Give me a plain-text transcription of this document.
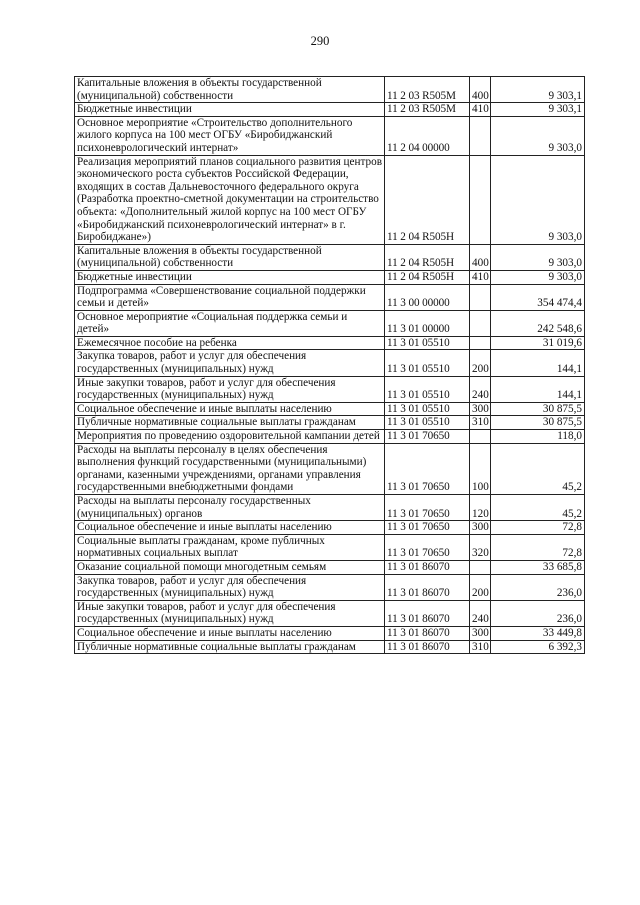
290
Капитальные вложения в объекты государственной (муниципальной) собственности	11 2 03 R505M	400	9 303,1
Бюджетные инвестиции	11 2 03 R505M	410	9 303,1
Основное мероприятие «Строительство дополнительного жилого корпуса на 100 мест ОГБУ «Биробиджанский психоневрологический интернат»	11 2 04 00000		9 303,0
Реализация мероприятий планов социального развития центров экономического роста субъектов Российской Федерации, входящих в состав Дальневосточного федерального округа (Разработка проектно-сметной документации на строительство объекта: «Дополнительный жилой корпус на 100 мест ОГБУ «Биробиджанский психоневрологический интернат» в г. Биробиджане»)	11 2 04 R505H		9 303,0
Капитальные вложения в объекты государственной (муниципальной) собственности	11 2 04 R505H	400	9 303,0
Бюджетные инвестиции	11 2 04 R505H	410	9 303,0
Подпрограмма «Совершенствование социальной поддержки семьи и детей»	11 3 00 00000		354 474,4
Основное мероприятие «Социальная поддержка семьи и детей»	11 3 01 00000		242 548,6
Ежемесячное пособие на ребенка	11 3 01 05510		31 019,6
Закупка товаров, работ и услуг для обеспечения государственных (муниципальных) нужд	11 3 01 05510	200	144,1
Иные закупки товаров, работ и услуг для обеспечения государственных (муниципальных) нужд	11 3 01 05510	240	144,1
Социальное обеспечение и иные выплаты населению	11 3 01 05510	300	30 875,5
Публичные нормативные социальные выплаты гражданам	11 3 01 05510	310	30 875,5
Мероприятия по проведению оздоровительной кампании детей	11 3 01 70650		118,0
Расходы на выплаты персоналу в целях обеспечения выполнения функций государственными (муниципальными) органами, казенными учреждениями, органами управления государственными внебюджетными фондами	11 3 01 70650	100	45,2
Расходы на выплаты персоналу государственных (муниципальных) органов	11 3 01 70650	120	45,2
Социальное обеспечение и иные выплаты населению	11 3 01 70650	300	72,8
Социальные выплаты гражданам, кроме публичных нормативных социальных выплат	11 3 01 70650	320	72,8
Оказание социальной помощи многодетным семьям	11 3 01 86070		33 685,8
Закупка товаров, работ и услуг для обеспечения государственных (муниципальных) нужд	11 3 01 86070	200	236,0
Иные закупки товаров, работ и услуг для обеспечения государственных (муниципальных) нужд	11 3 01 86070	240	236,0
Социальное обеспечение и иные выплаты населению	11 3 01 86070	300	33 449,8
Публичные нормативные социальные выплаты гражданам	11 3 01 86070	310	6 392,3
